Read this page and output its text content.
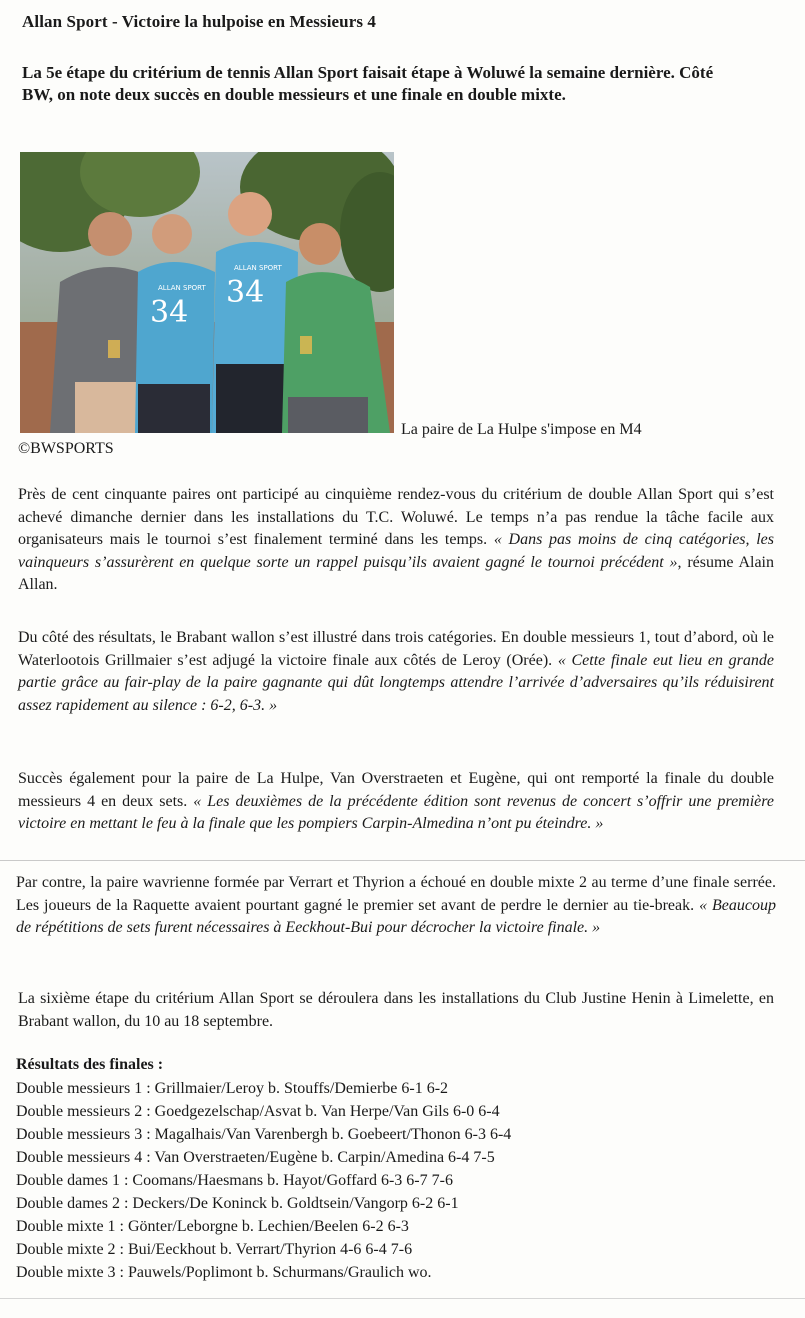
Allan Sport - Victoire la hulpoise en Messieurs 4
La 5e étape du critérium de tennis Allan Sport faisait étape à Woluwé la semaine dernière. Côté BW, on note deux succès en double messieurs et une finale en double mixte.
ALLAN SPORT
34
ALLAN SPORT
34
La paire de La Hulpe s'impose en M4
©BWSPORTS
Près de cent cinquante paires ont participé au cinquième rendez-vous du critérium de double Allan Sport qui s’est achevé dimanche dernier dans les installations du T.C. Woluwé. Le temps n’a pas rendue la tâche facile aux organisateurs mais le tournoi s’est finalement terminé dans les temps. « Dans pas moins de cinq catégories, les vainqueurs s’assurèrent en quelque sorte un rappel puisqu’ils avaient gagné le tournoi précédent », résume Alain Allan.
Du côté des résultats, le Brabant wallon s’est illustré dans trois catégories. En double messieurs 1, tout d’abord, où le Waterlootois Grillmaier s’est adjugé la victoire finale aux côtés de Leroy (Orée). « Cette finale eut lieu en grande partie grâce au fair-play de la paire gagnante qui dût longtemps attendre l’arrivée d’adversaires qu’ils réduisirent assez rapidement au silence : 6-2, 6-3. »
Succès également pour la paire de La Hulpe, Van Overstraeten et Eugène, qui ont remporté la finale du double messieurs 4 en deux sets. « Les deuxièmes de la précédente édition sont revenus de concert s’offrir une première victoire en mettant le feu à la finale que les pompiers Carpin-Almedina n’ont pu éteindre. »
Par contre, la paire wavrienne formée par Verrart et Thyrion a échoué en double mixte 2 au terme d’une finale serrée. Les joueurs de la Raquette avaient pourtant gagné le premier set avant de perdre le dernier au tie-break. « Beaucoup de répétitions de sets furent nécessaires à Eeckhout-Bui pour décrocher la victoire finale. »
La sixième étape du critérium Allan Sport se déroulera dans les installations du Club Justine Henin à Limelette, en Brabant wallon, du 10 au 18 septembre.
Résultats des finales :
Double messieurs 1 : Grillmaier/Leroy b. Stouffs/Demierbe 6-1 6-2
Double messieurs 2 : Goedgezelschap/Asvat b. Van Herpe/Van Gils 6-0 6-4
Double messieurs 3 : Magalhais/Van Varenbergh b. Goebeert/Thonon 6-3 6-4
Double messieurs 4 : Van Overstraeten/Eugène b. Carpin/Amedina 6-4 7-5
Double dames 1 : Coomans/Haesmans b. Hayot/Goffard 6-3 6-7 7-6
Double dames 2 : Deckers/De Koninck b. Goldtsein/Vangorp 6-2 6-1
Double mixte 1 : Gönter/Leborgne b. Lechien/Beelen 6-2 6-3
Double mixte 2 : Bui/Eeckhout b. Verrart/Thyrion 4-6 6-4 7-6
Double mixte 3 : Pauwels/Poplimont b. Schurmans/Graulich wo.
